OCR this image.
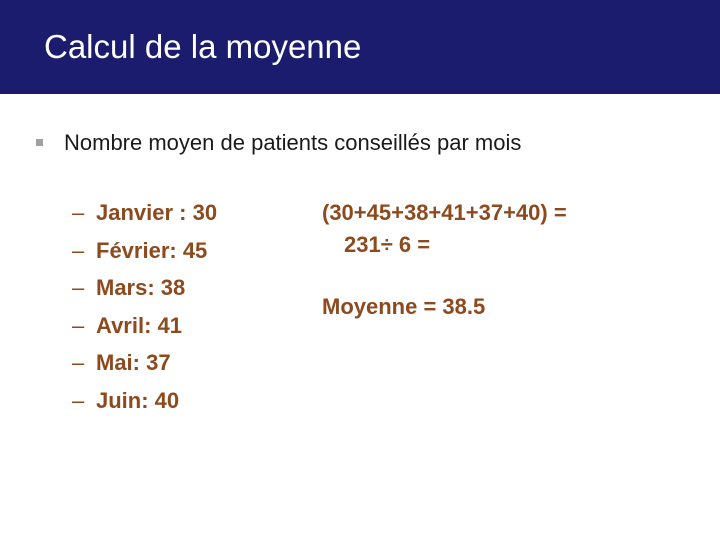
Calcul de la moyenne
Nombre moyen de patients conseillés par mois
– Janvier : 30
– Février: 45
– Mars: 38
– Avril: 41
– Mai: 37
– Juin: 40
(30+45+38+41+37+40) =
231÷ 6 =
Moyenne = 38.5
